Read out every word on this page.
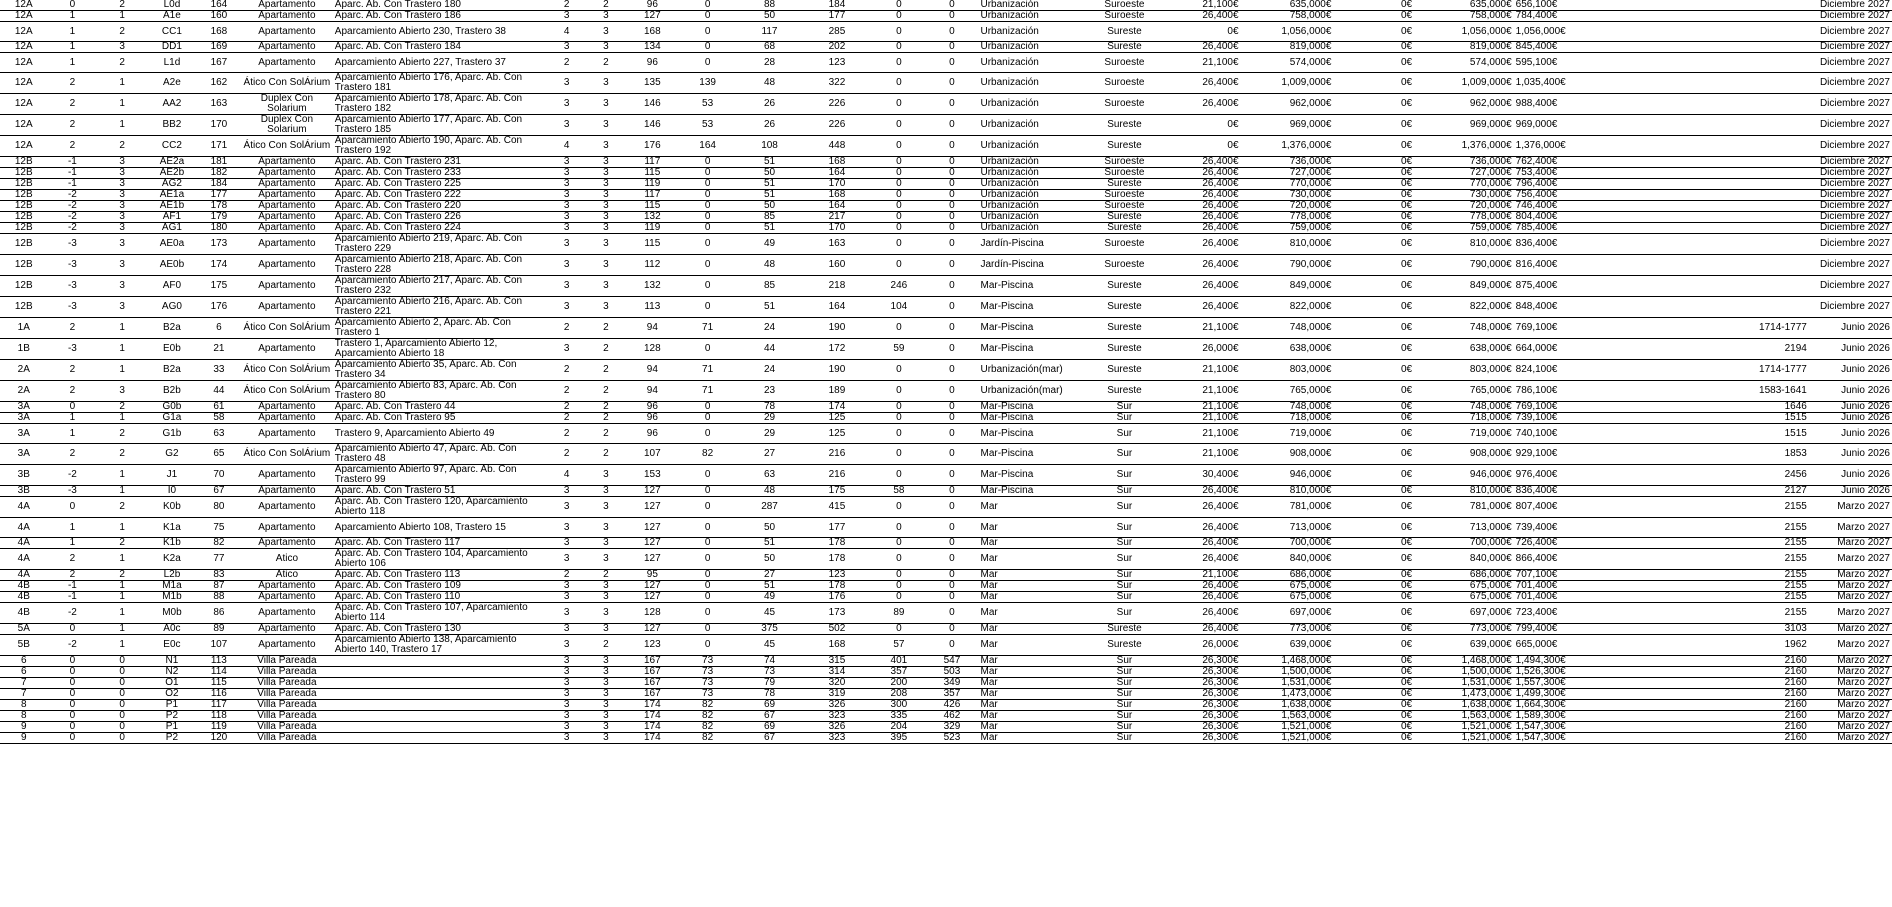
12A	0	2	L0d	164	Apartamento	Aparc. Ab. Con Trastero 180	2	2	96	0	88	184	0	0	Urbanización	Suroeste	21,100€	635,000€	0€	635,000€	656,100€		Diciembre 2027
12A	1	1	A1e	160	Apartamento	Aparc. Ab. Con Trastero 186	3	3	127	0	50	177	0	0	Urbanización	Suroeste	26,400€	758,000€	0€	758,000€	784,400€		Diciembre 2027
12A	1	2	CC1	168	Apartamento	Aparcamiento Abierto 230, Trastero 38	4	3	168	0	117	285	0	0	Urbanización	Sureste	0€	1,056,000€	0€	1,056,000€	1,056,000€		Diciembre 2027
12A	1	3	DD1	169	Apartamento	Aparc. Ab. Con Trastero 184	3	3	134	0	68	202	0	0	Urbanización	Sureste	26,400€	819,000€	0€	819,000€	845,400€		Diciembre 2027
12A	1	2	L1d	167	Apartamento	Aparcamiento Abierto 227, Trastero 37	2	2	96	0	28	123	0	0	Urbanización	Suroeste	21,100€	574,000€	0€	574,000€	595,100€		Diciembre 2027
12A	2	1	A2e	162	Ático Con SolÁrium	Aparcamiento Abierto 176, Aparc. Ab. Con Trastero 181	3	3	135	139	48	322	0	0	Urbanización	Suroeste	26,400€	1,009,000€	0€	1,009,000€	1,035,400€		Diciembre 2027
12A	2	1	AA2	163	Duplex Con Solarium	Aparcamiento Abierto 178, Aparc. Ab. Con Trastero 182	3	3	146	53	26	226	0	0	Urbanización	Suroeste	26,400€	962,000€	0€	962,000€	988,400€		Diciembre 2027
12A	2	1	BB2	170	Duplex Con Solarium	Aparcamiento Abierto 177, Aparc. Ab. Con Trastero 185	3	3	146	53	26	226	0	0	Urbanización	Sureste	0€	969,000€	0€	969,000€	969,000€		Diciembre 2027
12A	2	2	CC2	171	Ático Con SolÁrium	Aparcamiento Abierto 190, Aparc. Ab. Con Trastero 192	4	3	176	164	108	448	0	0	Urbanización	Sureste	0€	1,376,000€	0€	1,376,000€	1,376,000€		Diciembre 2027
12B	-1	3	AE2a	181	Apartamento	Aparc. Ab. Con Trastero 231	3	3	117	0	51	168	0	0	Urbanización	Suroeste	26,400€	736,000€	0€	736,000€	762,400€		Diciembre 2027
12B	-1	3	AE2b	182	Apartamento	Aparc. Ab. Con Trastero 233	3	3	115	0	50	164	0	0	Urbanización	Suroeste	26,400€	727,000€	0€	727,000€	753,400€		Diciembre 2027
12B	-1	3	AG2	184	Apartamento	Aparc. Ab. Con Trastero 225	3	3	119	0	51	170	0	0	Urbanización	Sureste	26,400€	770,000€	0€	770,000€	796,400€		Diciembre 2027
12B	-2	3	AE1a	177	Apartamento	Aparc. Ab. Con Trastero 222	3	3	117	0	51	168	0	0	Urbanización	Suroeste	26,400€	730,000€	0€	730,000€	756,400€		Diciembre 2027
12B	-2	3	AE1b	178	Apartamento	Aparc. Ab. Con Trastero 220	3	3	115	0	50	164	0	0	Urbanización	Suroeste	26,400€	720,000€	0€	720,000€	746,400€		Diciembre 2027
12B	-2	3	AF1	179	Apartamento	Aparc. Ab. Con Trastero 226	3	3	132	0	85	217	0	0	Urbanización	Sureste	26,400€	778,000€	0€	778,000€	804,400€		Diciembre 2027
12B	-2	3	AG1	180	Apartamento	Aparc. Ab. Con Trastero 224	3	3	119	0	51	170	0	0	Urbanización	Sureste	26,400€	759,000€	0€	759,000€	785,400€		Diciembre 2027
12B	-3	3	AE0a	173	Apartamento	Aparcamiento Abierto 219, Aparc. Ab. Con Trastero 229	3	3	115	0	49	163	0	0	Jardín-Piscina	Suroeste	26,400€	810,000€	0€	810,000€	836,400€		Diciembre 2027
12B	-3	3	AE0b	174	Apartamento	Aparcamiento Abierto 218, Aparc. Ab. Con Trastero 228	3	3	112	0	48	160	0	0	Jardín-Piscina	Suroeste	26,400€	790,000€	0€	790,000€	816,400€		Diciembre 2027
12B	-3	3	AF0	175	Apartamento	Aparcamiento Abierto 217, Aparc. Ab. Con Trastero 232	3	3	132	0	85	218	246	0	Mar-Piscina	Sureste	26,400€	849,000€	0€	849,000€	875,400€		Diciembre 2027
12B	-3	3	AG0	176	Apartamento	Aparcamiento Abierto 216, Aparc. Ab. Con Trastero 221	3	3	113	0	51	164	104	0	Mar-Piscina	Sureste	26,400€	822,000€	0€	822,000€	848,400€		Diciembre 2027
1A	2	1	B2a	6	Ático Con SolÁrium	Aparcamiento Abierto 2, Aparc. Ab. Con Trastero 1	2	2	94	71	24	190	0	0	Mar-Piscina	Sureste	21,100€	748,000€	0€	748,000€	769,100€	1714-1777	Junio 2026
1B	-3	1	E0b	21	Apartamento	Trastero 1, Aparcamiento Abierto 12, Aparcamiento Abierto 18	3	2	128	0	44	172	59	0	Mar-Piscina	Sureste	26,000€	638,000€	0€	638,000€	664,000€	2194	Junio 2026
2A	2	1	B2a	33	Ático Con SolÁrium	Aparcamiento Abierto 35, Aparc. Ab. Con Trastero 34	2	2	94	71	24	190	0	0	Urbanización(mar)	Sureste	21,100€	803,000€	0€	803,000€	824,100€	1714-1777	Junio 2026
2A	2	3	B2b	44	Ático Con SolÁrium	Aparcamiento Abierto 83, Aparc. Ab. Con Trastero 80	2	2	94	71	23	189	0	0	Urbanización(mar)	Sureste	21,100€	765,000€	0€	765,000€	786,100€	1583-1641	Junio 2026
3A	0	2	G0b	61	Apartamento	Aparc. Ab. Con Trastero 44	2	2	96	0	78	174	0	0	Mar-Piscina	Sur	21,100€	748,000€	0€	748,000€	769,100€	1646	Junio 2026
3A	1	1	G1a	58	Apartamento	Aparc. Ab. Con Trastero 95	2	2	96	0	29	125	0	0	Mar-Piscina	Sur	21,100€	718,000€	0€	718,000€	739,100€	1515	Junio 2026
3A	1	2	G1b	63	Apartamento	Trastero 9, Aparcamiento Abierto 49	2	2	96	0	29	125	0	0	Mar-Piscina	Sur	21,100€	719,000€	0€	719,000€	740,100€	1515	Junio 2026
3A	2	2	G2	65	Ático Con SolÁrium	Aparcamiento Abierto 47, Aparc. Ab. Con Trastero 48	2	2	107	82	27	216	0	0	Mar-Piscina	Sur	21,100€	908,000€	0€	908,000€	929,100€	1853	Junio 2026
3B	-2	1	J1	70	Apartamento	Aparcamiento Abierto 97, Aparc. Ab. Con Trastero 99	4	3	153	0	63	216	0	0	Mar-Piscina	Sur	30,400€	946,000€	0€	946,000€	976,400€	2456	Junio 2026
3B	-3	1	I0	67	Apartamento	Aparc. Ab. Con Trastero 51	3	3	127	0	48	175	58	0	Mar-Piscina	Sur	26,400€	810,000€	0€	810,000€	836,400€	2127	Junio 2026
4A	0	2	K0b	80	Apartamento	Aparc. Ab. Con Trastero 120, Aparcamiento Abierto 118	3	3	127	0	287	415	0	0	Mar	Sur	26,400€	781,000€	0€	781,000€	807,400€	2155	Marzo 2027
4A	1	1	K1a	75	Apartamento	Aparcamiento Abierto 108, Trastero 15	3	3	127	0	50	177	0	0	Mar	Sur	26,400€	713,000€	0€	713,000€	739,400€	2155	Marzo 2027
4A	1	2	K1b	82	Apartamento	Aparc. Ab. Con Trastero 117	3	3	127	0	51	178	0	0	Mar	Sur	26,400€	700,000€	0€	700,000€	726,400€	2155	Marzo 2027
4A	2	1	K2a	77	Atico	Aparc. Ab. Con Trastero 104, Aparcamiento Abierto 106	3	3	127	0	50	178	0	0	Mar	Sur	26,400€	840,000€	0€	840,000€	866,400€	2155	Marzo 2027
4A	2	2	L2b	83	Atico	Aparc. Ab. Con Trastero 113	2	2	95	0	27	123	0	0	Mar	Sur	21,100€	686,000€	0€	686,000€	707,100€	2155	Marzo 2027
4B	-1	1	M1a	87	Apartamento	Aparc. Ab. Con Trastero 109	3	3	127	0	51	178	0	0	Mar	Sur	26,400€	675,000€	0€	675,000€	701,400€	2155	Marzo 2027
4B	-1	1	M1b	88	Apartamento	Aparc. Ab. Con Trastero 110	3	3	127	0	49	176	0	0	Mar	Sur	26,400€	675,000€	0€	675,000€	701,400€	2155	Marzo 2027
4B	-2	1	M0b	86	Apartamento	Aparc. Ab. Con Trastero 107, Aparcamiento Abierto 114	3	3	128	0	45	173	89	0	Mar	Sur	26,400€	697,000€	0€	697,000€	723,400€	2155	Marzo 2027
5A	0	1	A0c	89	Apartamento	Aparc. Ab. Con Trastero 130	3	3	127	0	375	502	0	0	Mar	Sureste	26,400€	773,000€	0€	773,000€	799,400€	3103	Marzo 2027
5B	-2	1	E0c	107	Apartamento	Aparcamiento Abierto 138, Aparcamiento Abierto 140, Trastero 17	3	2	123	0	45	168	57	0	Mar	Sureste	26,000€	639,000€	0€	639,000€	665,000€	1962	Marzo 2027
6	0	0	N1	113	Villa Pareada		3	3	167	73	74	315	401	547	Mar	Sur	26,300€	1,468,000€	0€	1,468,000€	1,494,300€	2160	Marzo 2027
6	0	0	N2	114	Villa Pareada		3	3	167	73	73	314	357	503	Mar	Sur	26,300€	1,500,000€	0€	1,500,000€	1,526,300€	2160	Marzo 2027
7	0	0	O1	115	Villa Pareada		3	3	167	73	79	320	200	349	Mar	Sur	26,300€	1,531,000€	0€	1,531,000€	1,557,300€	2160	Marzo 2027
7	0	0	O2	116	Villa Pareada		3	3	167	73	78	319	208	357	Mar	Sur	26,300€	1,473,000€	0€	1,473,000€	1,499,300€	2160	Marzo 2027
8	0	0	P1	117	Villa Pareada		3	3	174	82	69	326	300	426	Mar	Sur	26,300€	1,638,000€	0€	1,638,000€	1,664,300€	2160	Marzo 2027
8	0	0	P2	118	Villa Pareada		3	3	174	82	67	323	335	462	Mar	Sur	26,300€	1,563,000€	0€	1,563,000€	1,589,300€	2160	Marzo 2027
9	0	0	P1	119	Villa Pareada		3	3	174	82	69	326	204	329	Mar	Sur	26,300€	1,521,000€	0€	1,521,000€	1,547,300€	2160	Marzo 2027
9	0	0	P2	120	Villa Pareada		3	3	174	82	67	323	395	523	Mar	Sur	26,300€	1,521,000€	0€	1,521,000€	1,547,300€	2160	Marzo 2027
